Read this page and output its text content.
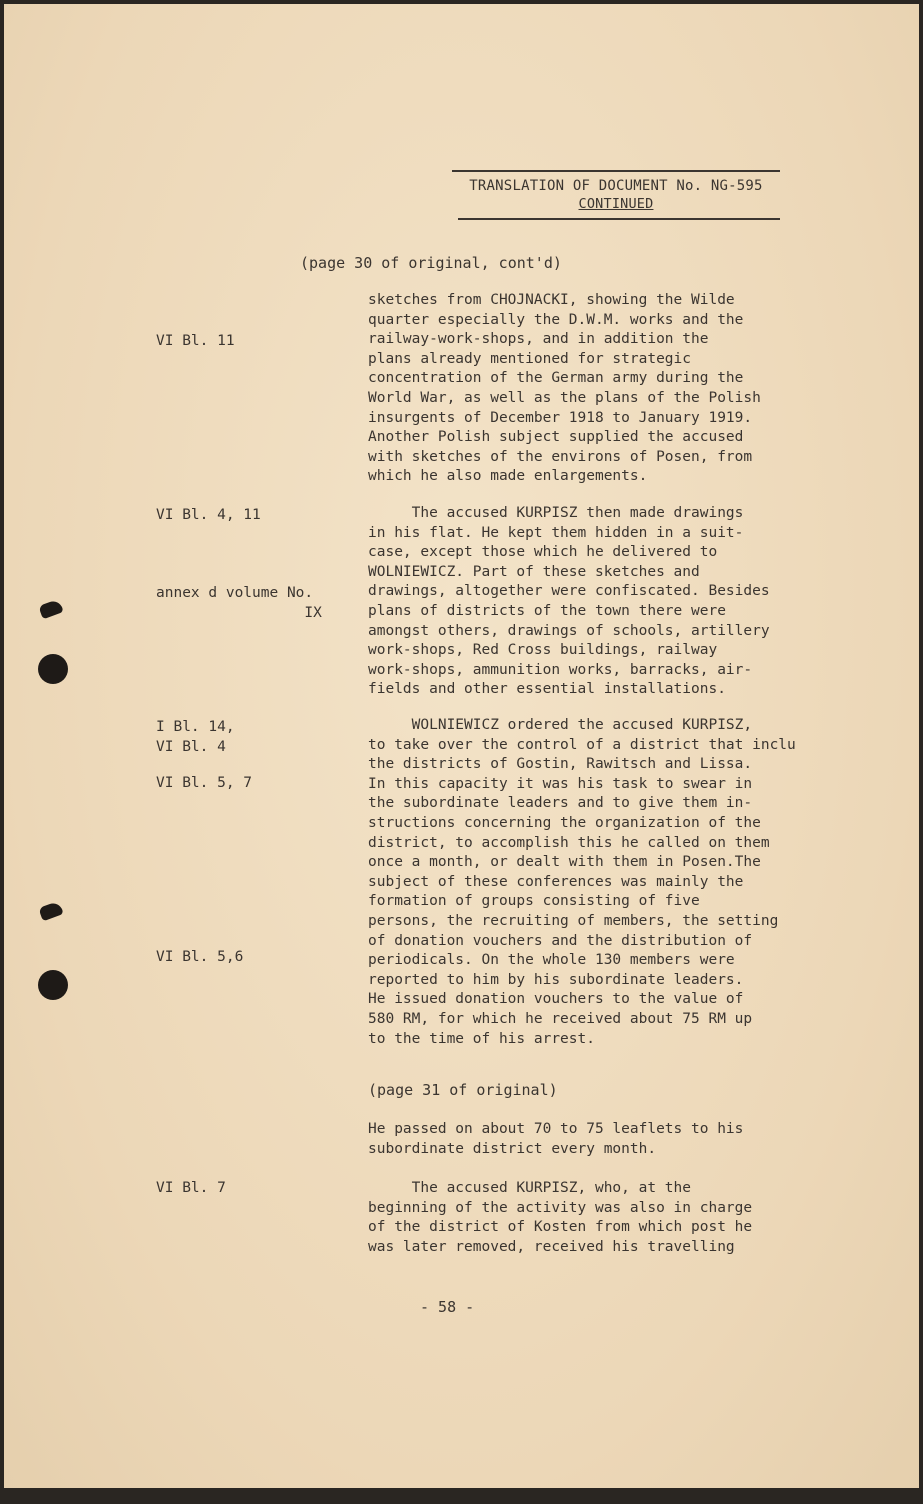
TRANSLATION OF DOCUMENT No. NG-595
CONTINUED
(page 30 of original, cont'd)
VI Bl. 11
sketches from CHOJNACKI, showing the Wilde
quarter especially the D.W.M. works and the
railway-work-shops, and in addition the
plans already mentioned for strategic
concentration of the German army during the
World War, as well as the plans of the Polish
insurgents of December 1918 to January 1919.
Another Polish subject supplied the accused
with sketches of the environs of Posen, from
which he also made enlargements.
VI Bl. 4, 11
annex d volume No.
IX
The accused KURPISZ then made drawings
in his flat. He kept them hidden in a suit-
case, except those which he delivered to
WOLNIEWICZ. Part of these sketches and
drawings, altogether were confiscated. Besides
plans of districts of the town there were
amongst others, drawings of schools, artillery
work-shops, Red Cross buildings, railway
work-shops, ammunition works, barracks, air-
fields and other essential installations.
I Bl. 14,
VI Bl. 4
VI Bl. 5, 7
VI Bl. 5,6
WOLNIEWICZ ordered the accused KURPISZ,
to take over the control of a district that inclu
the districts of Gostin, Rawitsch and Lissa.
In this capacity it was his task to swear in
the subordinate leaders and to give them in-
structions concerning the organization of the
district, to accomplish this he called on them
once a month, or dealt with them in Posen.The
subject of these conferences was mainly the
formation of groups consisting of five
persons, the recruiting of members, the setting
of donation vouchers and the distribution of
periodicals. On the whole 130 members were
reported to him by his subordinate leaders.
He issued donation vouchers to the value of
580 RM, for which he received about 75 RM up
to the time of his arrest.
(page 31 of original)
He passed on about 70 to 75 leaflets to his
subordinate district every month.
VI Bl. 7	The accused KURPISZ, who, at the
beginning of the activity was also in charge
of the district of Kosten from which post he
was later removed, received his travelling
- 58 -
